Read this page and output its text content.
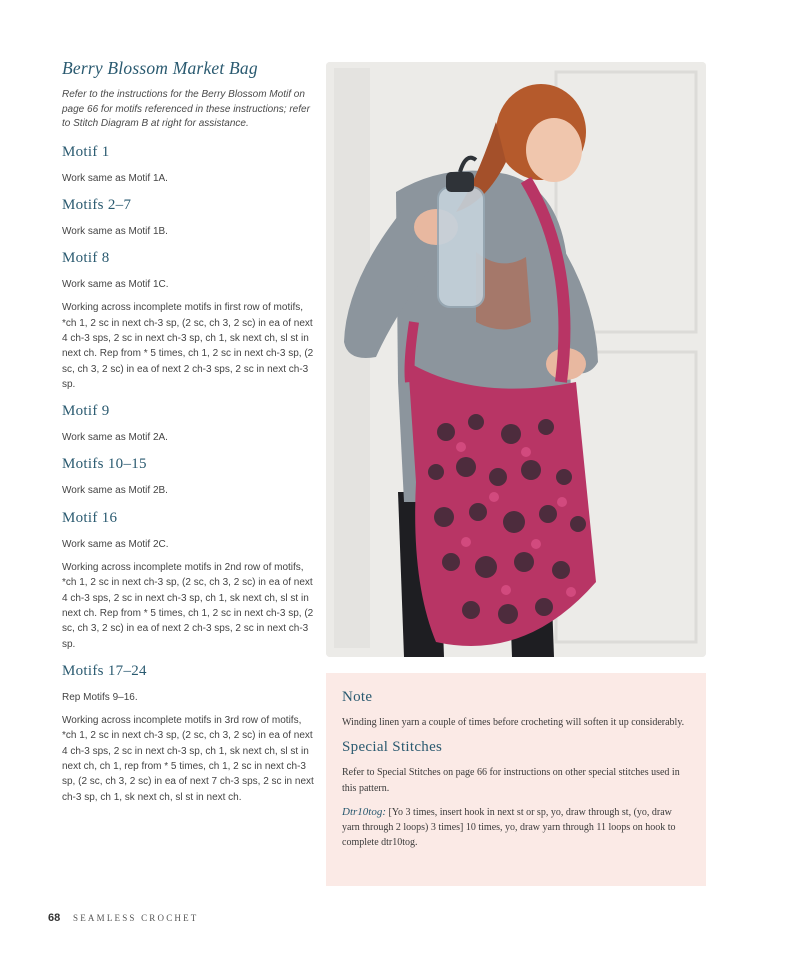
Berry Blossom Market Bag

Refer to the instructions for the Berry Blossom Motif on page 66 for motifs referenced in these instructions; refer to Stitch Diagram B at right for assistance.

Motif 1

Work same as Motif 1A.

Motifs 2–7

Work same as Motif 1B.

Motif 8

Work same as Motif 1C.

Working across incomplete motifs in first row of motifs, *ch 1, 2 sc in next ch-3 sp, (2 sc, ch 3, 2 sc) in ea of next 4 ch-3 sps, 2 sc in next ch-3 sp, ch 1, sk next ch, sl st in next ch. Rep from * 5 times, ch 1, 2 sc in next ch-3 sp, (2 sc, ch 3, 2 sc) in ea of next 2 ch-3 sps, 2 sc in next ch-3 sp.

Motif 9

Work same as Motif 2A.

Motifs 10–15

Work same as Motif 2B.

Motif 16

Work same as Motif 2C.

Working across incomplete motifs in 2nd row of motifs, *ch 1, 2 sc in next ch-3 sp, (2 sc, ch 3, 2 sc) in ea of next 4 ch-3 sps, 2 sc in next ch-3 sp, ch 1, sk next ch, sl st in next ch. Rep from * 5 times, ch 1, 2 sc in next ch-3 sp, (2 sc, ch 3, 2 sc) in ea of next 2 ch-3 sps, 2 sc in next ch-3 sp.

Motifs 17–24

Rep Motifs 9–16.

Working across incomplete motifs in 3rd row of motifs, *ch 1, 2 sc in next ch-3 sp, (2 sc, ch 3, 2 sc) in ea of next 4 ch-3 sps, 2 sc in next ch-3 sp, ch 1, sk next ch, sl st in next ch, ch 1, rep from * 5 times, ch 1, 2 sc in next ch-3 sp, (2 sc, ch 3, 2 sc) in ea of next 7 ch-3 sps, 2 sc in next ch-3 sp, ch 1, sk next ch, sl st in next ch.

Note

Winding linen yarn a couple of times before crocheting will soften it up considerably.

Special Stitches

Refer to Special Stitches on page 66 for instructions on other special stitches used in this pattern.

Dtr10tog: [Yo 3 times, insert hook in next st or sp, yo, draw through st, (yo, draw yarn through 2 loops) 3 times] 10 times, yo, draw yarn through 11 loops on hook to complete dtr10tog.

68 SEAMLESS CROCHET
